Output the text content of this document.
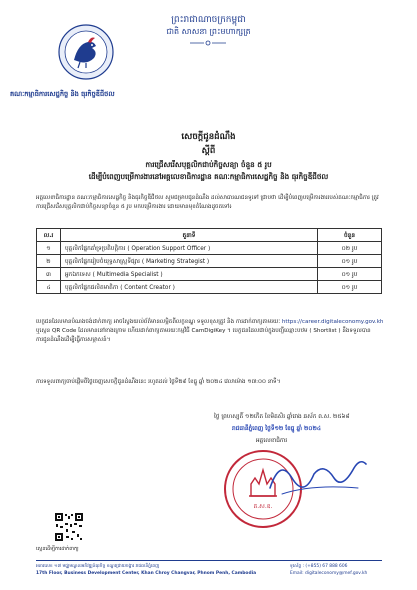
ព្រះរាជាណាចក្រកម្ពុជា
ជាតិ សាសនា ព្រះមហាក្សត្រ
គណៈកម្មាធិការសេដ្ឋកិច្ច និង ធុរកិច្ចឌីជីថល
សេចក្ដីជូនដំណឹង
ស្ដីពី
ការជ្រើសរើសបុគ្គលិកជាប់កិច្ចសន្យា ចំនួន ៥ រូប
ដើម្បីបំពេញបម្រើការងារនៅអគ្គលេខាធិការដ្ឋាន គណៈកម្មាធិការសេដ្ឋកិច្ច និង ធុរកិច្ចឌីជីថល
អគ្គលេខាធិការដ្ឋាន គណៈកម្មាធិការសេដ្ឋកិច្ច និងធុរកិច្ចឌីជីថល សូមជម្រាបជូនដំណឹង ដល់សាធារណជនទូទៅ ជ្រាបថា ដើម្បីបំពេញបម្រើការងាររបស់គណៈកម្មាធិការ ត្រូវការជ្រើសរើសបុគ្គលិកជាប់កិច្ចសន្យាចំនួន ៥ រូប មកបម្រើការងារ ដោយមានមុខតំណែងដូចតទៅ៖
ល.រ	តួនាទី	ចំនួន
១	បុគ្គលិកផ្នែកគាំទ្រប្រតិបត្តិការ ( Operation Support Officer )	០២ រូប
២	បុគ្គលិកផ្នែករៀបចំយុទ្ធសាស្ត្រទីផ្សារ ( Marketing Strategist )	០១ រូប
៣	អ្នកឯកទេស ( Multimedia Specialist )	០១ រូប
៤	បុគ្គលិកផ្នែកផលិតមាតិកា ( Content Creator )	០១ រូប
បេក្ខជនដែលមានបំណងចង់ដាក់ពាក្យ អាចស្វែងយល់ព័ត៌មានលម្អិតពីលក្ខខណ្ឌ ទទួលខុសត្រូវ និង ការដាក់ពាក្យតាមរយៈ https://career.digitaleconomy.gov.kh ឬស្កេន QR Code ដែលមាននៅខាងក្រោម ហើយដាក់ពាក្យតាមរយៈកម្មវិធី CamDigiKey ។ បេក្ខជនដែលជាប់ក្នុងបញ្ជីឈ្មោះបឋម ( Shortlist ) នឹងទទួលបានការជូនដំណឹងដើម្បីធ្វើការសម្ភាសន៍។
ការទទួលពាក្យចាប់ផ្ដើមពីថ្ងៃចេញសេចក្ដីជូនដំណឹងនេះ រហូតដល់ ថ្ងៃទី២៩ ខែធ្នូ ឆ្នាំ ២០២៤ វេលាម៉ោង ១៧:០០ នាទី។
ថ្ងៃ ព្រហស្បតិ៍ ១២កើត ខែមិគសិរ ឆ្នាំរោង ឆស័ក ព.ស. ២៥៦៨
រាជធានីភ្នំពេញ ថ្ងៃទី១២ ខែធ្នូ ឆ្នាំ ២០២៤
អគ្គលេខាធិការ
គ.ស.ឌ.
ស្កេនដើម្បីការដាក់ពាក្យ
អគារលេខ ១៧ មជ្ឈមណ្ឌលអភិវឌ្ឍន៍ធុរកិច្ច ខណ្ឌជ្រោយចង្វារ រាជធានីភ្នំពេញ
17th Floor, Business Development Center, Khan Chroy Changvar, Phnom Penh, Cambodia
ទូរស័ព្ទ : (+855) 67 888 606
Email: digitaleconomy@mef.gov.kh
